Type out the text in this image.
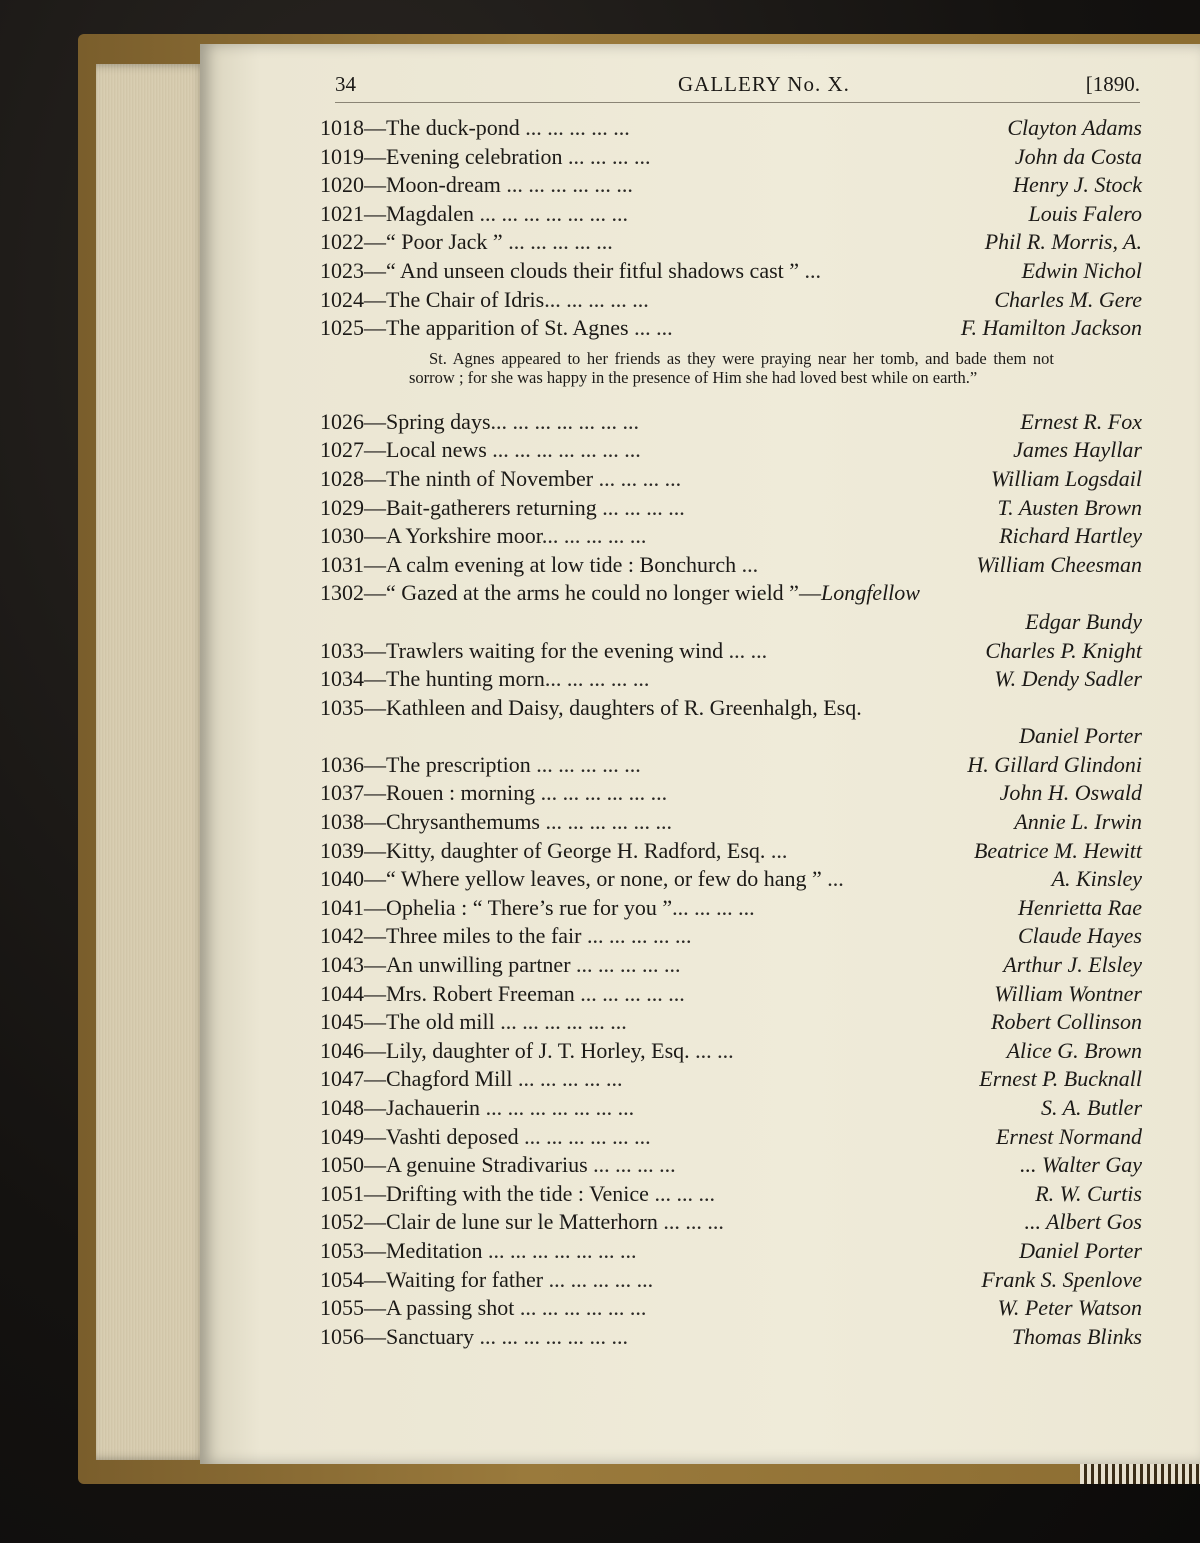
34	GALLERY No. X.	[1890.
1018—The duck-pond ... ... ... ... ...	Clayton Adams
1019—Evening celebration ... ... ... ...	John da Costa
1020—Moon-dream ... ... ... ... ... ...	Henry J. Stock
1021—Magdalen ... ... ... ... ... ... ...	Louis Falero
1022—“ Poor Jack ” ... ... ... ... ...	Phil R. Morris, A.
1023—“ And unseen clouds their fitful shadows cast ” ...	Edwin Nichol
1024—The Chair of Idris... ... ... ... ...	Charles M. Gere
1025—The apparition of St. Agnes ... ...	F. Hamilton Jackson

St. Agnes appeared to her friends as they were praying near her tomb, and bade them not sorrow ; for she was happy in the presence of Him she had loved best while on earth.”

1026—Spring days... ... ... ... ... ... ...	Ernest R. Fox
1027—Local news ... ... ... ... ... ... ...	James Hayllar
1028—The ninth of November ... ... ... ...	William Logsdail
1029—Bait-gatherers returning ... ... ... ...	T. Austen Brown
1030—A Yorkshire moor... ... ... ... ...	Richard Hartley
1031—A calm evening at low tide : Bonchurch ...	William Cheesman
1302—“ Gazed at the arms he could no longer wield ”—Longfellow
Edgar Bundy
1033—Trawlers waiting for the evening wind ... ...	Charles P. Knight
1034—The hunting morn... ... ... ... ...	W. Dendy Sadler
1035—Kathleen and Daisy, daughters of R. Greenhalgh, Esq.
Daniel Porter
1036—The prescription ... ... ... ... ...	H. Gillard Glindoni
1037—Rouen : morning ... ... ... ... ... ...	John H. Oswald
1038—Chrysanthemums ... ... ... ... ... ...	Annie L. Irwin
1039—Kitty, daughter of George H. Radford, Esq. ...	Beatrice M. Hewitt
1040—“ Where yellow leaves, or none, or few do hang ” ...	A. Kinsley
1041—Ophelia : “ There’s rue for you ”... ... ... ...	Henrietta Rae
1042—Three miles to the fair ... ... ... ... ...	Claude Hayes
1043—An unwilling partner ... ... ... ... ...	Arthur J. Elsley
1044—Mrs. Robert Freeman ... ... ... ... ...	William Wontner
1045—The old mill ... ... ... ... ... ...	Robert Collinson
1046—Lily, daughter of J. T. Horley, Esq. ... ...	Alice G. Brown
1047—Chagford Mill ... ... ... ... ...	Ernest P. Bucknall
1048—Jachauerin ... ... ... ... ... ... ...	S. A. Butler
1049—Vashti deposed ... ... ... ... ... ...	Ernest Normand
1050—A genuine Stradivarius ... ... ... ...	... Walter Gay
1051—Drifting with the tide : Venice ... ... ...	R. W. Curtis
1052—Clair de lune sur le Matterhorn ... ... ...	... Albert Gos
1053—Meditation ... ... ... ... ... ... ...	Daniel Porter
1054—Waiting for father ... ... ... ... ...	Frank S. Spenlove
1055—A passing shot ... ... ... ... ... ...	W. Peter Watson
1056—Sanctuary ... ... ... ... ... ... ...	Thomas Blinks
